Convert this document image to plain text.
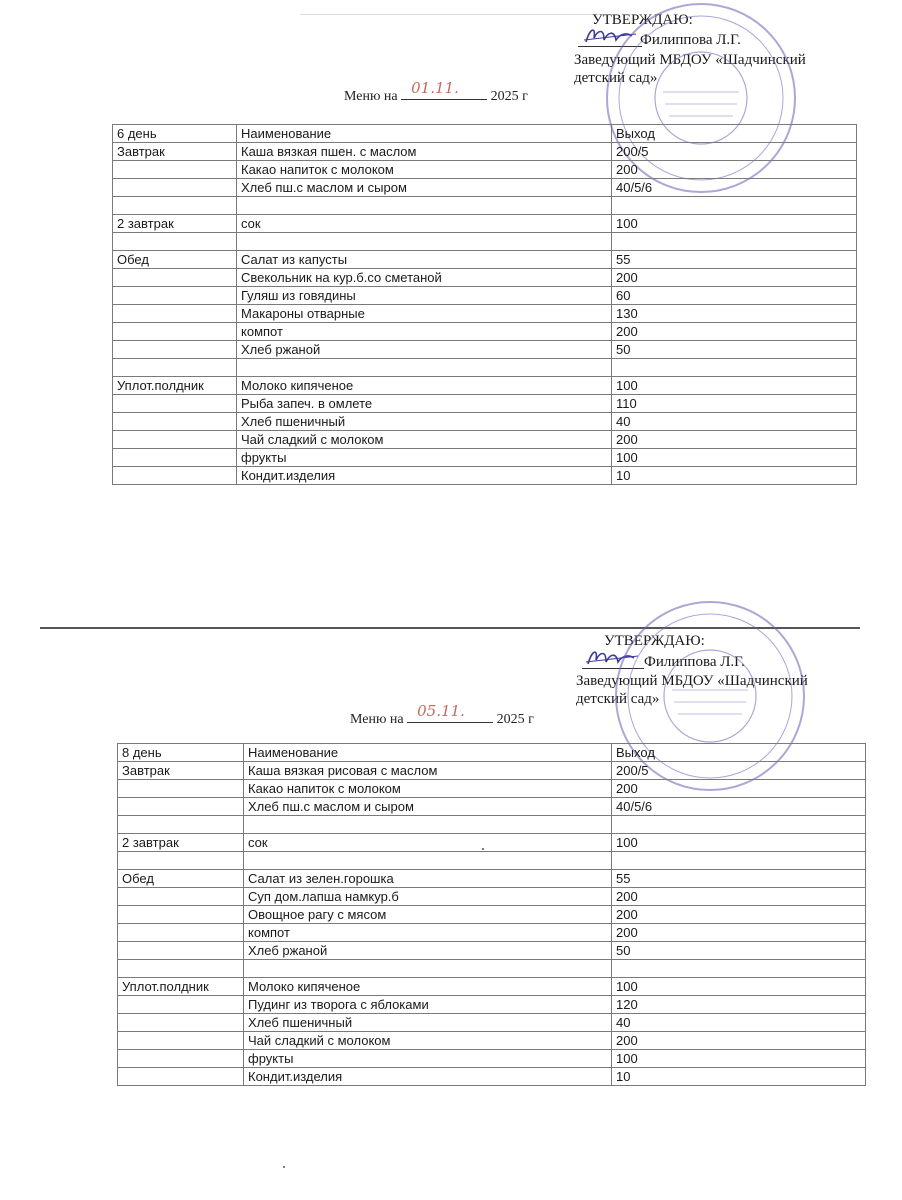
УТВЕРЖДАЮ:
Филиппова Л.Г.
Заведующий МБДОУ «Шадчинский детский сад»
Меню на 01.11. 2025 г
6 день	Наименование	Выход
Завтрак	Каша вязкая пшен. с маслом	200/5
	Какао напиток с молоком	200
	Хлеб пш.с маслом и сыром	40/5/6

2 завтрак	сок	100

Обед	Салат из капусты	55
	Свекольник на кур.б.со сметаной	200
	Гуляш из говядины	60
	Макароны отварные	130
	компот	200
	Хлеб ржаной	50

Уплот.полдник	Молоко кипяченое	100
	Рыба запеч. в омлете	110
	Хлеб пшеничный	40
	Чай сладкий с молоком	200
	фрукты	100
	Кондит.изделия	10
УТВЕРЖДАЮ:
Филиппова Л.Г.
Заведующий МБДОУ «Шадчинский детский сад»
Меню на 05.11. 2025 г
8 день	Наименование	Выход
Завтрак	Каша вязкая рисовая с маслом	200/5
	Какао напиток с молоком	200
	Хлеб пш.с маслом и сыром	40/5/6

2 завтрак	сок	100

Обед	Салат из зелен.горошка	55
	Суп дом.лапша намкур.б	200
	Овощное рагу с мясом	200
	компот	200
	Хлеб ржаной	50

Уплот.полдник	Молоко кипяченое	100
	Пудинг из творога с яблоками	120
	Хлеб пшеничный	40
	Чай сладкий с молоком	200
	фрукты	100
	Кондит.изделия	10
